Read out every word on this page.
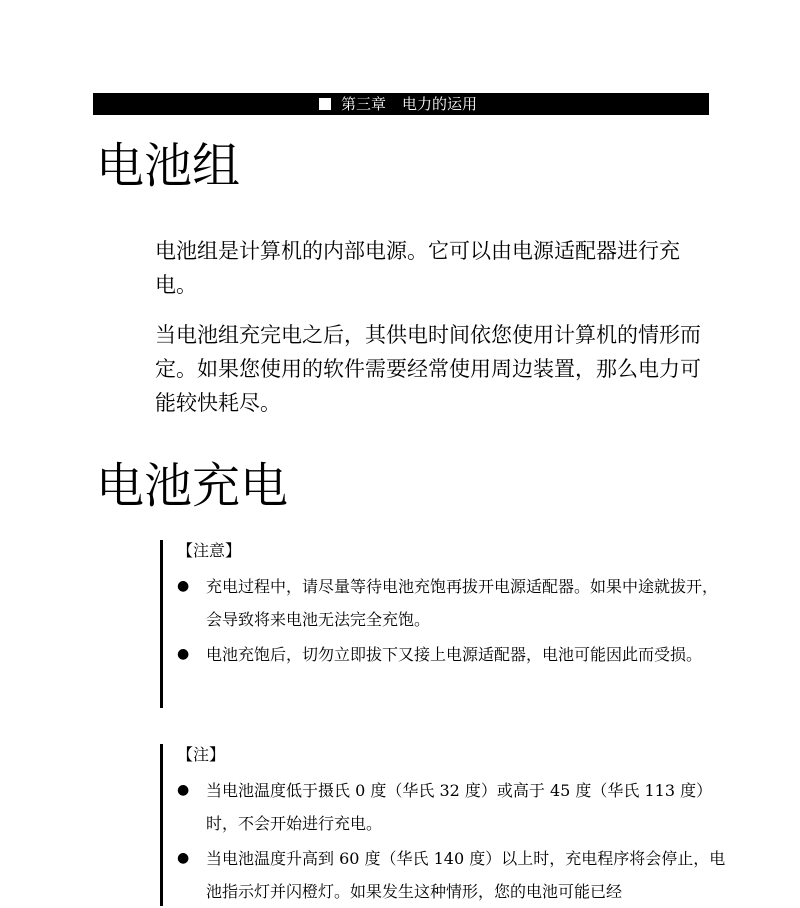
第三章 电力的运用
电池组

电池组是计算机的内部电源。它可以由电源适配器进行充电。

当电池组充完电之后，其供电时间依您使用计算机的情形而定。如果您使用的软件需要经常使用周边装置，那么电力可能较快耗尽。

电池充电

【注意】

● 充电过程中，请尽量等待电池充饱再拔开电源适配器。如果中途就拔开，会导致将来电池无法完全充饱。
● 电池充饱后，切勿立即拔下又接上电源适配器，电池可能因此而受损。

【注】

● 当电池温度低于摄氏 0 度（华氏 32 度）或高于 45 度（华氏 113 度）时，不会开始进行充电。
● 当电池温度升高到 60 度（华氏 140 度）以上时，充电程序将会停止，电池指示灯并闪橙灯。如果发生这种情形，您的电池可能已经
